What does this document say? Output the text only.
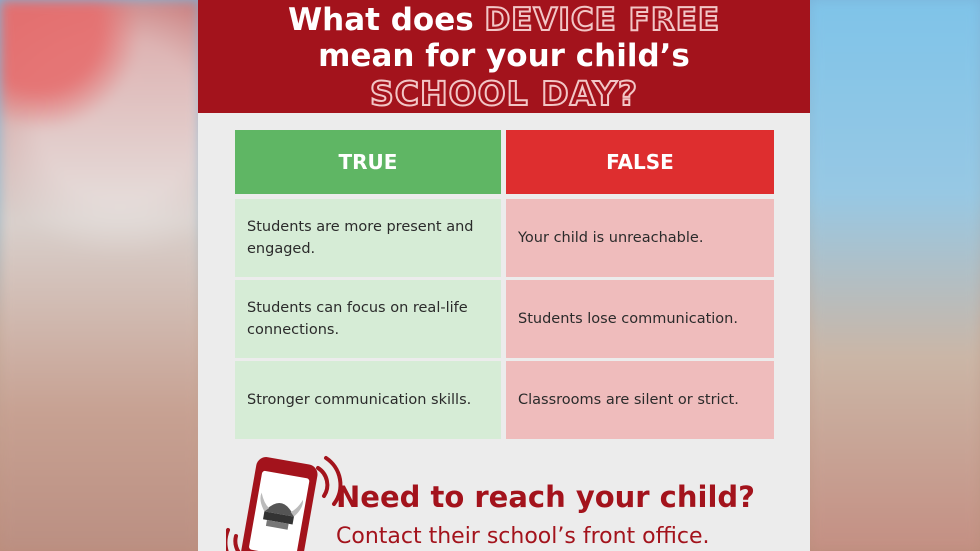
What does DEVICE FREE
mean for your child’s
SCHOOL DAY?
TRUE	FALSE
Students are more present and engaged.
Your child is unreachable.
Students can focus on real-life connections.
Students lose communication.
Stronger communication skills.	Classrooms are silent or strict.
Need to reach your child?
Contact their school’s front office.
